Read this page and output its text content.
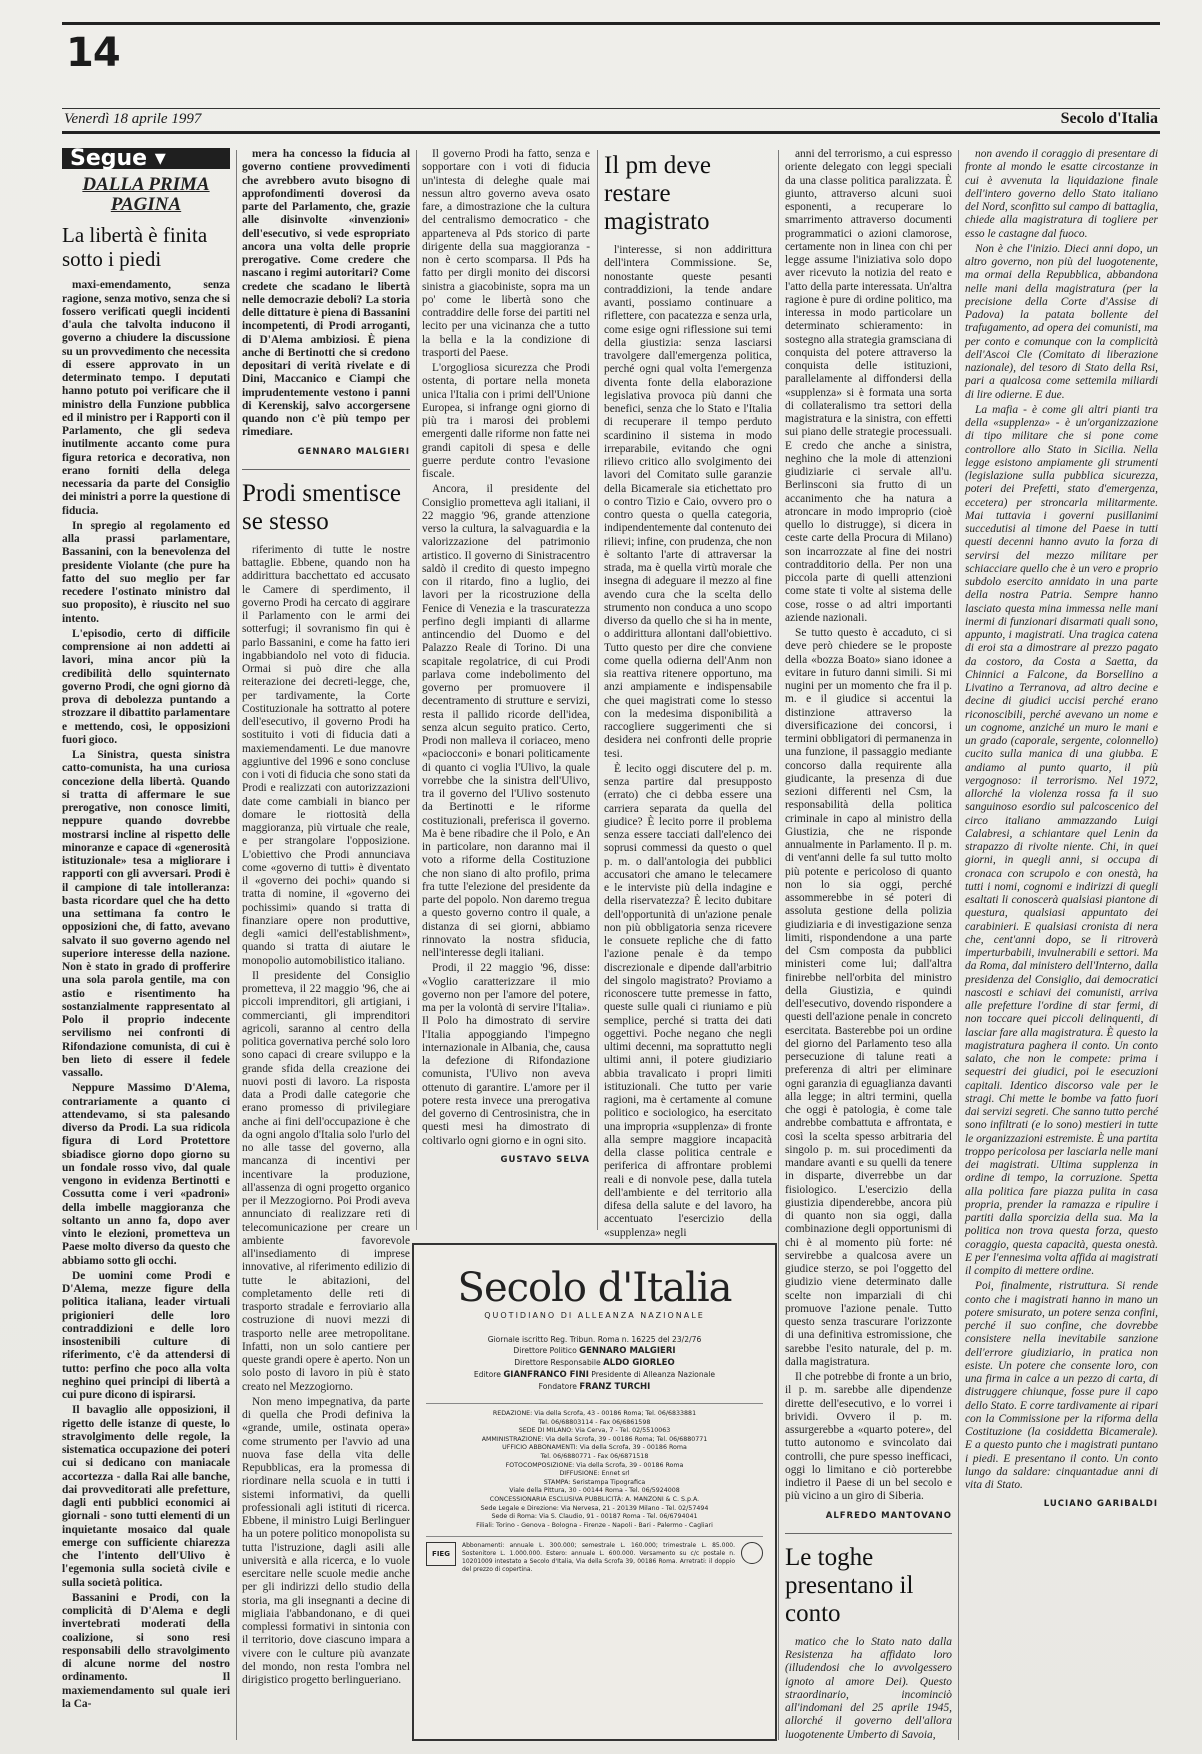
14
Venerdì 18 aprile 1997	Secolo d'Italia
Segue ▾
DALLA PRIMA PAGINA
La libertà è finita sotto i piedi

maxi-emendamento, senza ragione, senza motivo, senza che si fossero verificati quegli incidenti d'aula che talvolta inducono il governo a chiudere la discussione su un provvedimento che necessita di essere approvato in un determinato tempo. I deputati hanno potuto poi verificare che il ministro della Funzione pubblica ed il ministro per i Rapporti con il Parlamento, che gli sedeva inutilmente accanto come pura figura retorica e decorativa, non erano forniti della delega necessaria da parte del Consiglio dei ministri a porre la questione di fiducia.

In spregio al regolamento ed alla prassi parlamentare, Bassanini, con la benevolenza del presidente Violante (che pure ha fatto del suo meglio per far recedere l'ostinato ministro dal suo proposito), è riuscito nel suo intento.

L'episodio, certo di difficile comprensione ai non addetti ai lavori, mina ancor più la credibilità dello squinternato governo Prodi, che ogni giorno dà prova di debolezza puntando a strozzare il dibattito parlamentare e mettendo, così, le opposizioni fuori gioco.

La Sinistra, questa sinistra catto-comunista, ha una curiosa concezione della libertà. Quando si tratta di affermare le sue prerogative, non conosce limiti, neppure quando dovrebbe mostrarsi incline al rispetto delle minoranze e capace di «generosità istituzionale» tesa a migliorare i rapporti con gli avversari. Prodi è il campione di tale intolleranza: basta ricordare quel che ha detto una settimana fa contro le opposizioni che, di fatto, avevano salvato il suo governo agendo nel superiore interesse della nazione. Non è stato in grado di profferire una sola parola gentile, ma con astio e risentimento ha sostanzialmente rappresentato al Polo il proprio indecente servilismo nei confronti di Rifondazione comunista, di cui è ben lieto di essere il fedele vassallo.

Neppure Massimo D'Alema, contrariamente a quanto ci attendevamo, si sta palesando diverso da Prodi. La sua ridicola figura di Lord Protettore sbiadisce giorno dopo giorno su un fondale rosso vivo, dal quale vengono in evidenza Bertinotti e Cossutta come i veri «padroni» della imbelle maggioranza che soltanto un anno fa, dopo aver vinto le elezioni, prometteva un Paese molto diverso da questo che abbiamo sotto gli occhi.

De uomini come Prodi e D'Alema, mezze figure della politica italiana, leader virtuali prigionieri delle loro contraddizioni e delle loro insostenibili culture di riferimento, c'è da attendersi di tutto: perfino che poco alla volta neghino quei principi di libertà a cui pure dicono di ispirarsi.

Il bavaglio alle opposizioni, il rigetto delle istanze di queste, lo stravolgimento delle regole, la sistematica occupazione dei poteri cui si dedicano con maniacale accortezza - dalla Rai alle banche, dai provveditorati alle prefetture, dagli enti pubblici economici ai giornali - sono tutti elementi di un inquietante mosaico dal quale emerge con sufficiente chiarezza che l'intento dell'Ulivo è l'egemonia sulla società civile e sulla società politica.

Bassanini e Prodi, con la complicità di D'Alema e degli invertebrati moderati della coalizione, si sono resi responsabili dello stravolgimento di alcune norme del nostro ordinamento. Il maxiemendamento sul quale ieri la Ca-

mera ha concesso la fiducia al governo contiene provvedimenti che avrebbero avuto bisogno di approfondimenti doverosi da parte del Parlamento, che, grazie alle disinvolte «invenzioni» dell'esecutivo, si vede espropriato ancora una volta delle proprie prerogative. Come credere che nascano i regimi autoritari? Come credete che scadano le libertà nelle democrazie deboli? La storia delle dittature è piena di Bassanini incompetenti, di Prodi arroganti, di D'Alema ambiziosi. È piena anche di Bertinotti che si credono depositari di verità rivelate e di Dini, Maccanico e Ciampi che imprudentemente vestono i panni di Kerenskij, salvo accorgersene quando non c'è più tempo per rimediare.

GENNARO MALGIERI
Prodi smentisce se stesso

riferimento di tutte le nostre battaglie. Ebbene, quando non ha addirittura bacchettato ed accusato le Camere di sperdimento, il governo Prodi ha cercato di aggirare il Parlamento con le armi dei sotterfugi; il sovranismo fin qui è parlo Bassanini, e come ha fatto ieri ingabbiandolo nel voto di fiducia. Ormai si può dire che alla reiterazione dei decreti-legge, che, per tardivamente, la Corte Costituzionale ha sottratto al potere dell'esecutivo, il governo Prodi ha sostituito i voti di fiducia dati a maxiemendamenti. Le due manovre aggiuntive del 1996 e sono concluse con i voti di fiducia che sono stati da Prodi e realizzati con autorizzazioni date come cambiali in bianco per domare le riottosità della maggioranza, più virtuale che reale, e per strangolare l'opposizione. L'obiettivo che Prodi annunciava come «governo di tutti» è diventato il «governo dei pochi» quando si tratta di nomine, il «governo dei pochissimi» quando si tratta di finanziare opere non produttive, degli «amici dell'establishment», quando si tratta di aiutare le monopolio automobilistico italiano.

Il presidente del Consiglio prometteva, il 22 maggio '96, che ai piccoli imprenditori, gli artigiani, i commercianti, gli imprenditori agricoli, saranno al centro della politica governativa perché solo loro sono capaci di creare sviluppo e la grande sfida della creazione dei nuovi posti di lavoro. La risposta data a Prodi dalle categorie che erano promesso di privilegiare anche ai fini dell'occupazione è che da ogni angolo d'Italia solo l'urlo del no alle tasse del governo, alla mancanza di incentivi per incentivare la produzione, all'assenza di ogni progetto organico per il Mezzogiorno. Poi Prodi aveva annunciato di realizzare reti di telecomunicazione per creare un ambiente favorevole all'insediamento di imprese innovative, al riferimento edilizio di tutte le abitazioni, del completamento delle reti di trasporto stradale e ferroviario alla costruzione di nuovi mezzi di trasporto nelle aree metropolitane. Infatti, non un solo cantiere per queste grandi opere è aperto. Non un solo posto di lavoro in più è stato creato nel Mezzogiorno.

Non meno impegnativa, da parte di quella che Prodi definiva la «grande, umile, ostinata opera» come strumento per l'avvio ad una nuova fase della vita delle Repubblicas, era la promessa di riordinare nella scuola e in tutti i sistemi informativi, da quelli professionali agli istituti di ricerca. Ebbene, il ministro Luigi Berlinguer ha un potere politico monopolista su tutta l'istruzione, dagli asili alle università e alla ricerca, e lo vuole esercitare nelle scuole medie anche per gli indirizzi dello studio della storia, ma gli insegnanti a decine di migliaia l'abbandonano, e di quei complessi formativi in sintonia con il territorio, dove ciascuno impara a vivere con le culture più avanzate del mondo, non resta l'ombra nel dirigistico progetto berlingueriano.

Il governo Prodi ha fatto, senza e sopportare con i voti di fiducia un'intesta di deleghe quale mai nessun altro governo aveva osato fare, a dimostrazione che la cultura del centralismo democratico - che apparteneva al Pds storico di parte dirigente della sua maggioranza - non è certo scomparsa. Il Pds ha fatto per dirgli monito dei discorsi sinistra a giacobiniste, sopra ma un po' come le libertà sono che contraddire delle forse dei partiti nel lecito per una vicinanza che a tutto la bella e la la condizione di trasporti del Paese.

L'orgogliosa sicurezza che Prodi ostenta, di portare nella moneta unica l'Italia con i primi dell'Unione Europea, si infrange ogni giorno di più tra i marosi dei problemi emergenti dalle riforme non fatte nei grandi capitoli di spesa e delle guerre perdute contro l'evasione fiscale.

Ancora, il presidente del Consiglio prometteva agli italiani, il 22 maggio '96, grande attenzione verso la cultura, la salvaguardia e la valorizzazione del patrimonio artistico. Il governo di Sinistracentro saldò il credito di questo impegno con il ritardo, fino a luglio, dei lavori per la ricostruzione della Fenice di Venezia e la trascuratezza perfino degli impianti di allarme antincendio del Duomo e del Palazzo Reale di Torino. Di una scapitale regolatrice, di cui Prodi parlava come indebolimento del governo per promuovere il decentramento di strutture e servizi, resta il pallido ricorde dell'idea, senza alcun seguito pratico. Certo, Prodi non malleva il coriaceo, meno «paciocconi» e bonari politicamente di quanto ci voglia l'Ulivo, la quale vorrebbe che la sinistra dell'Ulivo, tra il governo del l'Ulivo sostenuto da Bertinotti e le riforme costituzionali, preferisca il governo. Ma è bene ribadire che il Polo, e An in particolare, non daranno mai il voto a riforme della Costituzione che non siano di alto profilo, prima fra tutte l'elezione del presidente da parte del popolo. Non daremo tregua a questo governo contro il quale, a distanza di sei giorni, abbiamo rinnovato la nostra sfiducia, nell'interesse degli italiani.

Prodi, il 22 maggio '96, disse: «Voglio caratterizzare il mio governo non per l'amore del potere, ma per la volontà di servire l'Italia». Il Polo ha dimostrato di servire l'Italia appoggiando l'impegno internazionale in Albania, che, causa la defezione di Rifondazione comunista, l'Ulivo non aveva ottenuto di garantire. L'amore per il potere resta invece una prerogativa del governo di Centrosinistra, che in questi mesi ha dimostrato di coltivarlo ogni giorno e in ogni sito.

GUSTAVO SELVA
Il pm deve restare magistrato

l'interesse, si non addirittura dell'intera Commissione. Se, nonostante queste pesanti contraddizioni, la tende andare avanti, possiamo continuare a riflettere, con pacatezza e senza urla, come esige ogni riflessione sui temi della giustizia: senza lasciarsi travolgere dall'emergenza politica, perché ogni qual volta l'emergenza diventa fonte della elaborazione legislativa provoca più danni che benefici, senza che lo Stato e l'Italia di recuperare il tempo perduto scardinino il sistema in modo irreparabile, evitando che ogni rilievo critico allo svolgimento dei lavori del Comitato sulle garanzie della Bicamerale sia etichettato pro o contro Tizio e Caio, ovvero pro o contro questa o quella categoria, indipendentemente dal contenuto dei rilievi; infine, con prudenza, che non è soltanto l'arte di attraversar la strada, ma è quella virtù morale che insegna di adeguare il mezzo al fine avendo cura che la scelta dello strumento non conduca a uno scopo diverso da quello che si ha in mente, o addirittura allontani dall'obiettivo. Tutto questo per dire che conviene come quella odierna dell'Anm non sia reattiva ritenere opportuno, ma anzi ampiamente e indispensabile che quei magistrati come lo stesso con la medesima disponibilità a raccogliere suggerimenti che si desidera nei confronti delle proprie tesi.

È lecito oggi discutere del p. m. senza partire dal presupposto (errato) che ci debba essere una carriera separata da quella del giudice? È lecito porre il problema senza essere tacciati dall'elenco dei soprusi commessi da questo o quel p. m. o dall'antologia dei pubblici accusatori che amano le telecamere e le interviste più della indagine e della riservatezza? È lecito dubitare dell'opportunità di un'azione penale non più obbligatoria senza ricevere le consuete repliche che di fatto l'azione penale è da tempo discrezionale e dipende dall'arbitrio del singolo magistrato? Proviamo a riconoscere tutte premesse in fatto, queste sulle quali ci riuniamo e più semplice, perché si tratta dei dati oggettivi. Poche negano che negli ultimi decenni, ma soprattutto negli ultimi anni, il potere giudiziario abbia travalicato i propri limiti istituzionali. Che tutto per varie ragioni, ma è certamente al comune politico e sociologico, ha esercitato una impropria «supplenza» di fronte alla sempre maggiore incapacità della classe politica centrale e periferica di affrontare problemi reali e di nonvole pese, dalla tutela dell'ambiente e del territorio alla difesa della salute e del lavoro, ha accentuato l'esercizio della «supplenza» negli

anni del terrorismo, a cui espresso oriente delegato con leggi speciali da una classe politica paralizzata. È giunto, attraverso alcuni suoi esponenti, a recuperare lo smarrimento attraverso documenti programmatici o azioni clamorose, certamente non in linea con chi per legge assume l'iniziativa solo dopo aver ricevuto la notizia del reato e l'atto della parte interessata. Un'altra ragione è pure di ordine politico, ma interessa in modo particolare un determinato schieramento: in sostegno alla strategia gramsciana di conquista del potere attraverso la conquista delle istituzioni, parallelamente al diffondersi della «supplenza» si è formata una sorta di collateralismo tra settori della magistratura e la sinistra, con effetti sui piano delle strategie processuali. E credo che anche a sinistra, neghino che la mole di attenzioni giudiziarie ci servale all'u. Berlinsconi sia frutto di un accanimento che ha natura a atroncare in modo improprio (cioè quello lo distrugge), si dicera in ceste carte della Procura di Milano) son incarrozzate al fine dei nostri contradditorio della. Per non una piccola parte di quelli attenzioni come state ti volte al sistema delle cose, rosse o ad altri importanti aziende nazionali.

Se tutto questo è accaduto, ci si deve però chiedere se le proposte della «bozza Boato» siano idonee a evitare in futuro danni simili. Si mi nugini per un momento che fra il p. m. e il giudice si accentui la distinzione attraverso la diversificazione dei concorsi, i termini obbligatori di permanenza in una funzione, il passaggio mediante concorso dalla requirente alla giudicante, la presenza di due sezioni differenti nel Csm, la responsabilità della politica criminale in capo al ministro della Giustizia, che ne risponde annualmente in Parlamento. Il p. m. di vent'anni delle fa sul tutto molto più potente e pericoloso di quanto non lo sia oggi, perché assommerebbe in sé poteri di assoluta gestione della polizia giudiziaria e di investigazione senza limiti, rispondendone a una parte del Csm composta da pubblici ministeri come lui; dall'altra finirebbe nell'orbita del ministro della Giustizia, e quindi dell'esecutivo, dovendo rispondere a questi dell'azione penale in concreto esercitata. Basterebbe poi un ordine del giorno del Parlamento teso alla persecuzione di talune reati a preferenza di altri per eliminare ogni garanzia di eguaglianza davanti alla legge; in altri termini, quella che oggi è patologia, è come tale andrebbe combattuta e affrontata, e così la scelta spesso arbitraria del singolo p. m. sui procedimenti da mandare avanti e su quelli da tenere in disparte, diverrebbe un dar fisiologico. L'esercizio della giustizia dipenderebbe, ancora più di quanto non sia oggi, dalla combinazione degli opportunismi di chi è al momento più forte: né servirebbe a qualcosa avere un giudice sterzo, se poi l'oggetto del giudizio viene determinato dalle scelte non imparziali di chi promuove l'azione penale. Tutto questo senza trascurare l'orizzonte di una definitiva estromissione, che sarebbe l'esito naturale, del p. m. dalla magistratura.

Il che potrebbe di fronte a un brio, il p. m. sarebbe alle dipendenze dirette dell'esecutivo, e lo vorrei i brividi. Ovvero il p. m. assurgerebbe a «quarto potere», del tutto autonomo e svincolato dai controlli, che pure spesso inefficaci, oggi lo limitano e ciò porterebbe indietro il Paese di un bel secolo e più vicino a un giro di Siberia.

ALFREDO MANTOVANO
Le toghe presentano il conto

matico che lo Stato nato dalla Resistenza ha affidato loro (illudendosi che lo avvolgessero ignoto al amore Dei). Questo straordinario, incominciò all'indomani del 25 aprile 1945, allorché il governo dell'allora luogotenente Umberto di Savoia,

non avendo il coraggio di presentare di fronte al mondo le esatte circostanze in cui è avvenuta la liquidazione finale dell'intero governo dello Stato italiano del Nord, sconfitto sul campo di battaglia, chiede alla magistratura di togliere per esso le castagne dal fuoco.

Non è che l'inizio. Dieci anni dopo, un altro governo, non più del luogotenente, ma ormai della Repubblica, abbandona nelle mani della magistratura (per la precisione della Corte d'Assise di Padova) la patata bollente del trafugamento, ad opera dei comunisti, ma per conto e comunque con la complicità dell'Ascoi Cle (Comitato di liberazione nazionale), del tesoro di Stato della Rsi, pari a qualcosa come settemila miliardi di lire odierne. E due.

La mafia - è come gli altri pianti tra della «supplenza» - è un'organizzazione di tipo militare che si pone come controllore allo Stato in Sicilia. Nella legge esistono ampiamente gli strumenti (legislazione sulla pubblica sicurezza, poteri dei Prefetti, stato d'emergenza, eccetera) per stroncarla militarmente. Mai tuttavia i governi pusillanimi succedutisi al timone del Paese in tutti questi decenni hanno avuto la forza di servirsi del mezzo militare per schiacciare quello che è un vero e proprio subdolo esercito annidato in una parte della nostra Patria. Sempre hanno lasciato questa mina immessa nelle mani inermi di funzionari disarmati quali sono, appunto, i magistrati. Una tragica catena di eroi sta a dimostrare al prezzo pagato da costoro, da Costa a Saetta, da Chinnici a Falcone, da Borsellino a Livatino a Terranova, ad altro decine e decine di giudici uccisi perché erano riconoscibili, perché avevano un nome e un cognome, anziché un muro le mani e un grado (caporale, sergente, colonnello) cucito sulla manica di una giubba. E andiamo al punto quarto, il più vergognoso: il terrorismo. Nel 1972, allorché la violenza rossa fa il suo sanguinoso esordio sul palcoscenico del circo italiano ammazzando Luigi Calabresi, a schiantare quel Lenin da strapazzo di rivolte niente. Chi, in quei giorni, in quegli anni, si occupa di cronaca con scrupolo e con onestà, ha tutti i nomi, cognomi e indirizzi di quegli esaltati li conoscerà qualsiasi piantone di questura, qualsiasi appuntato dei carabinieri. E qualsiasi cronista di nera che, cent'anni dopo, se li ritroverà imperturbabili, invulnerabili e settori. Ma da Roma, dal ministero dell'Interno, dalla presidenza del Consiglio, dai democratici nascosti e schiavi dei comunisti, arriva alle prefetture l'ordine di star fermi, di non toccare quei piccoli delinquenti, di lasciar fare alla magistratura. È questo la magistratura paghera il conto. Un conto salato, che non le compete: prima i sequestri dei giudici, poi le esecuzioni capitali. Identico discorso vale per le stragi. Chi mette le bombe va fatto fuori dai servizi segreti. Che sanno tutto perché sono infiltrati (e lo sono) mestieri in tutte le organizzazioni estremiste. È una partita troppo pericolosa per lasciarla nelle mani dei magistrati. Ultima supplenza in ordine di tempo, la corruzione. Spetta alla politica fare piazza pulita in casa propria, prender la ramazza e ripulire i partiti dalla sporcizia della sua. Ma la politica non trova questa forza, questo coraggio, questa capacità, questa onestà. E per l'ennesima volta affida ai magistrati il compito di mettere ordine.

Poi, finalmente, ristruttura. Si rende conto che i magistrati hanno in mano un potere smisurato, un potere senza confini, perché il suo confine, che dovrebbe consistere nella inevitabile sanzione dell'errore giudiziario, in pratica non esiste. Un potere che consente loro, con una firma in calce a un pezzo di carta, di distruggere chiunque, fosse pure il capo dello Stato. E corre tardivamente ai ripari con la Commissione per la riforma della Costituzione (la cosiddetta Bicamerale). E a questo punto che i magistrati puntano i piedi. E presentano il conto. Un conto lungo da saldare: cinquantadue anni di vita di Stato.

LUCIANO GARIBALDI
Secolo d'Italia
QUOTIDIANO DI ALLEANZA NAZIONALE
Giornale iscritto Reg. Tribun. Roma n. 16225 del 23/2/76
Direttore Politico GENNARO MALGIERI
Direttore Responsabile ALDO GIORLEO
Editore GIANFRANCO FINI Presidente di Alleanza Nazionale
Fondatore FRANZ TURCHI
REDAZIONE: Via della Scrofa, 43 - 00186 Roma; Tel. 06/6833881
Tel. 06/68803114 - Fax 06/6861598
SEDE DI MILANO: Via Cerva, 7 - Tel. 02/5510063
AMMINISTRAZIONE: Via della Scrofa, 39 - 00186 Roma; Tel. 06/6880771
UFFICIO ABBONAMENTI: Via della Scrofa, 39 - 00186 Roma
Tel. 06/6880771 - Fax 06/6871518
FOTOCOMPOSIZIONE: Via della Scrofa, 39 - 00186 Roma
DIFFUSIONE: Ennet srl
STAMPA: Seristampa Tipografica
Viale della Pittura, 30 - 00144 Roma - Tel. 06/5924008
CONCESSIONARIA ESCLUSIVA PUBBLICITÀ: A. MANZONI & C. S.p.A.
Sede Legale e Direzione: Via Nervesa, 21 - 20139 Milano - Tel. 02/57494
Sede di Roma: Via S. Claudio, 91 - 00187 Roma - Tel. 06/6794041
Filiali: Torino - Genova - Bologna - Firenze - Napoli - Bari - Palermo - Cagliari
FIEG
Abbonamenti: annuale L. 300.000; semestrale L. 160.000; trimestrale L. 85.000. Sostenitore L. 1.000.000. Estero: annuale L. 600.000. Versamento su c/c postale n. 10201009 intestato a Secolo d'Italia, Via della Scrofa 39, 00186 Roma. Arretrati: il doppio del prezzo di copertina.
